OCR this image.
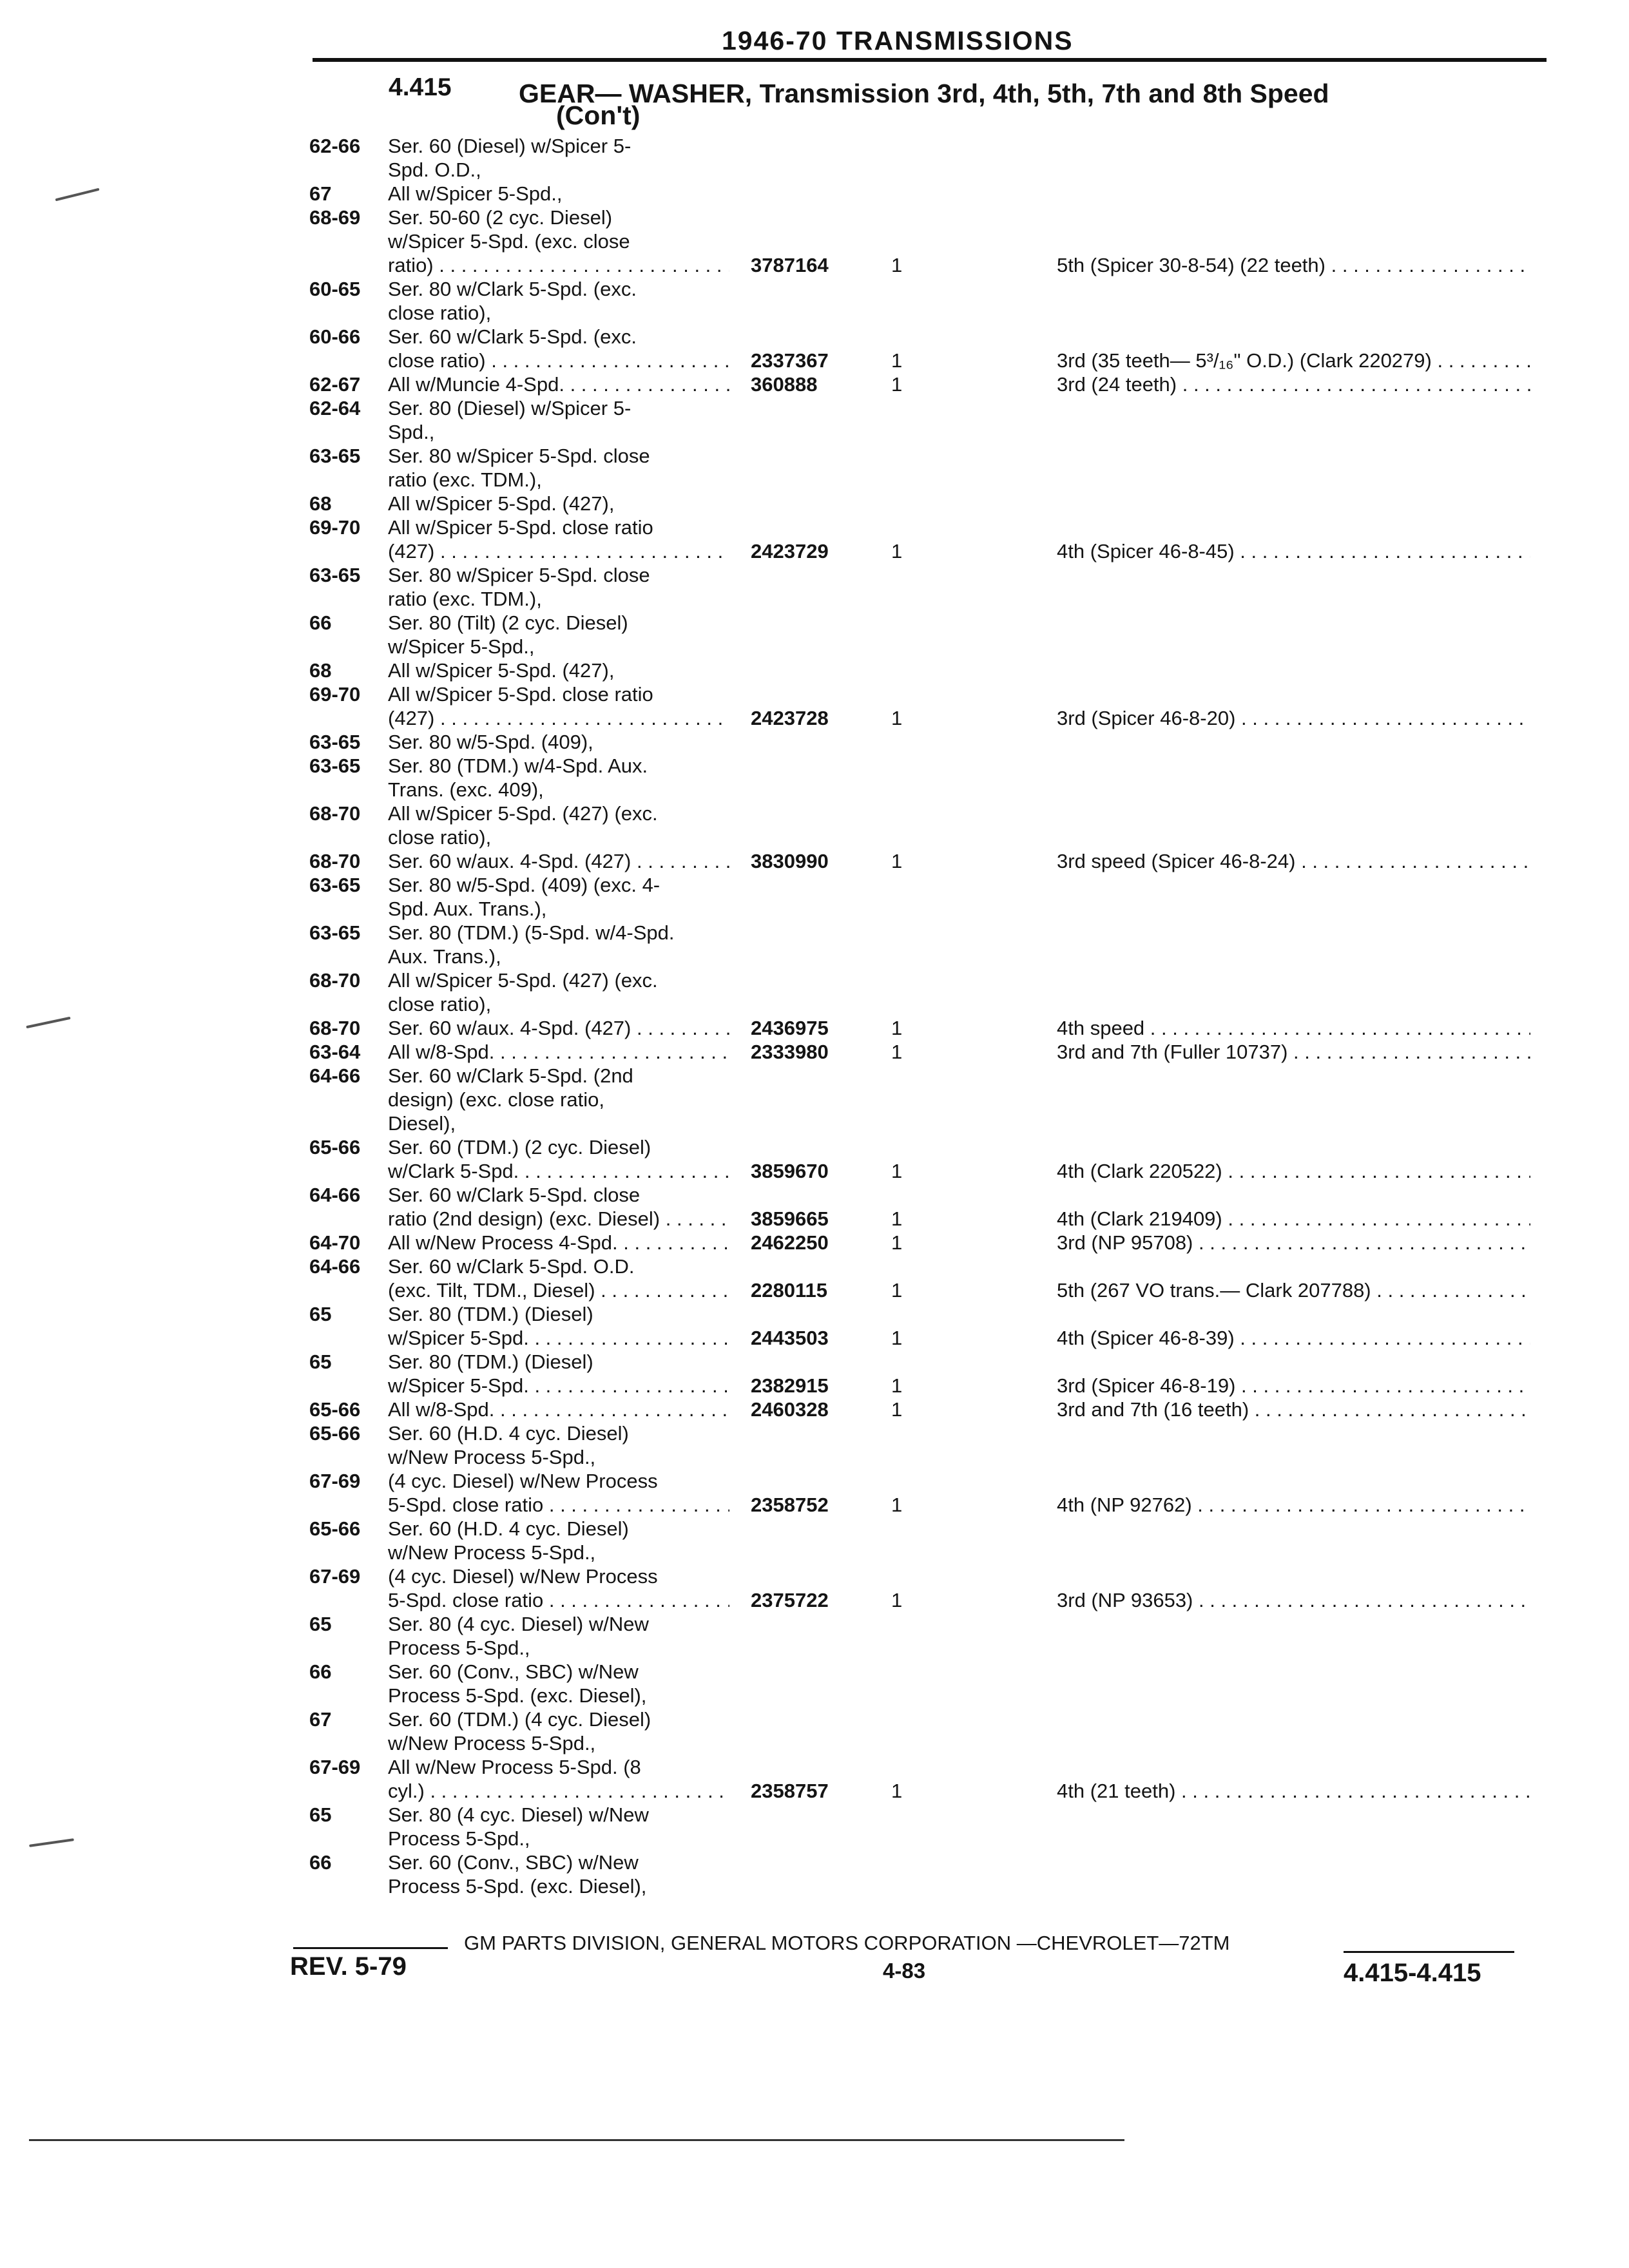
1946-70 TRANSMISSIONS
4.415	GEAR— WASHER, Transmission 3rd, 4th, 5th, 7th and 8th Speed
(Con't)
62-66	Ser. 60 (Diesel) w/Spicer 5-
Spd. O.D.,
67	All w/Spicer 5-Spd.,
68-69	Ser. 50-60 (2 cyc. Diesel)
w/Spicer 5-Spd. (exc. close
ratio) . . .	3787164	1	5th (Spicer 30-8-54) (22 teeth) . . .
60-65	Ser. 80 w/Clark 5-Spd. (exc.
close ratio),
60-66	Ser. 60 w/Clark 5-Spd. (exc.
close ratio) . . .	2337367	1	3rd (35 teeth— 5³/₁₆" O.D.) (Clark 220279) . . .
62-67	All w/Muncie 4-Spd. . . .	360888	1	3rd (24 teeth) . . .
62-64	Ser. 80 (Diesel) w/Spicer 5-
Spd.,
63-65	Ser. 80 w/Spicer 5-Spd. close
ratio (exc. TDM.),
68	All w/Spicer 5-Spd. (427),
69-70	All w/Spicer 5-Spd. close ratio
(427) . . .	2423729	1	4th (Spicer 46-8-45) . . .
63-65	Ser. 80 w/Spicer 5-Spd. close
ratio (exc. TDM.),
66	Ser. 80 (Tilt) (2 cyc. Diesel)
w/Spicer 5-Spd.,
68	All w/Spicer 5-Spd. (427),
69-70	All w/Spicer 5-Spd. close ratio
(427) . . .	2423728	1	3rd (Spicer 46-8-20) . . .
63-65	Ser. 80 w/5-Spd. (409),
63-65	Ser. 80 (TDM.) w/4-Spd. Aux.
Trans. (exc. 409),
68-70	All w/Spicer 5-Spd. (427) (exc.
close ratio),
68-70	Ser. 60 w/aux. 4-Spd. (427) . . .	3830990	1	3rd speed (Spicer 46-8-24) . . .
63-65	Ser. 80 w/5-Spd. (409) (exc. 4-
Spd. Aux. Trans.),
63-65	Ser. 80 (TDM.) (5-Spd. w/4-Spd.
Aux. Trans.),
68-70	All w/Spicer 5-Spd. (427) (exc.
close ratio),
68-70	Ser. 60 w/aux. 4-Spd. (427) . . .	2436975	1	4th speed . . .
63-64	All w/8-Spd. . . .	2333980	1	3rd and 7th (Fuller 10737) . . .
64-66	Ser. 60 w/Clark 5-Spd. (2nd
design) (exc. close ratio,
Diesel),
65-66	Ser. 60 (TDM.) (2 cyc. Diesel)
w/Clark 5-Spd. . . .	3859670	1	4th (Clark 220522) . . .
64-66	Ser. 60 w/Clark 5-Spd. close
ratio (2nd design) (exc. Diesel) . . .	3859665	1	4th (Clark 219409) . . .
64-70	All w/New Process 4-Spd. . . .	2462250	1	3rd (NP 95708) . . .
64-66	Ser. 60 w/Clark 5-Spd. O.D.
(exc. Tilt, TDM., Diesel) . . .	2280115	1	5th (267 VO trans.— Clark 207788) . . .
65	Ser. 80 (TDM.) (Diesel)
w/Spicer 5-Spd. . . .	2443503	1	4th (Spicer 46-8-39) . . .
65	Ser. 80 (TDM.) (Diesel)
w/Spicer 5-Spd. . . .	2382915	1	3rd (Spicer 46-8-19) . . .
65-66	All w/8-Spd. . . .	2460328	1	3rd and 7th (16 teeth) . . .
65-66	Ser. 60 (H.D. 4 cyc. Diesel)
w/New Process 5-Spd.,
67-69	(4 cyc. Diesel) w/New Process
5-Spd. close ratio . . .	2358752	1	4th (NP 92762) . . .
65-66	Ser. 60 (H.D. 4 cyc. Diesel)
w/New Process 5-Spd.,
67-69	(4 cyc. Diesel) w/New Process
5-Spd. close ratio . . .	2375722	1	3rd (NP 93653) . . .
65	Ser. 80 (4 cyc. Diesel) w/New
Process 5-Spd.,
66	Ser. 60 (Conv., SBC) w/New
Process 5-Spd. (exc. Diesel),
67	Ser. 60 (TDM.) (4 cyc. Diesel)
w/New Process 5-Spd.,
67-69	All w/New Process 5-Spd. (8
cyl.) . . .	2358757	1	4th (21 teeth) . . .
65	Ser. 80 (4 cyc. Diesel) w/New
Process 5-Spd.,
66	Ser. 60 (Conv., SBC) w/New
Process 5-Spd. (exc. Diesel),
GM PARTS DIVISION, GENERAL MOTORS CORPORATION —CHEVROLET—72TM
REV. 5-79	4-83	4.415-4.415
